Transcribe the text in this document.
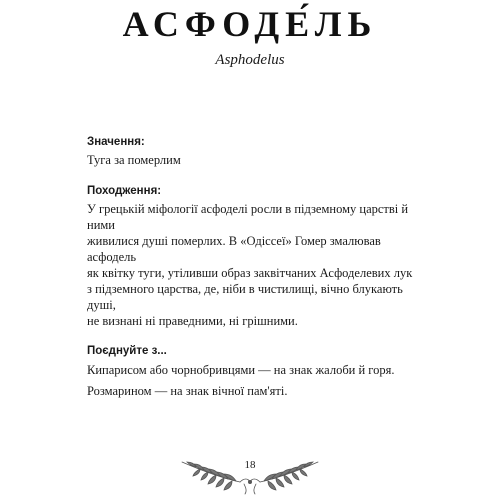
АСФОДЕ́ЛЬ
Asphodelus
Значення:
Туга за померлим
Походження:
У грецькій міфології асфоделі росли в підземному царстві й ними
живилися душі померлих. В «Одіссеї» Гомер змалював асфодель
як квітку туги, утіливши образ заквітчаних Асфоделевих лук
з підземного царства, де, ніби в чистилищі, вічно блукають душі,
не визнані ні праведними, ні грішними.
Поєднуйте з...
Кипарисом або чорнобривцями — на знак жалоби й горя.
Розмарином — на знак вічної пам'яті.
18
